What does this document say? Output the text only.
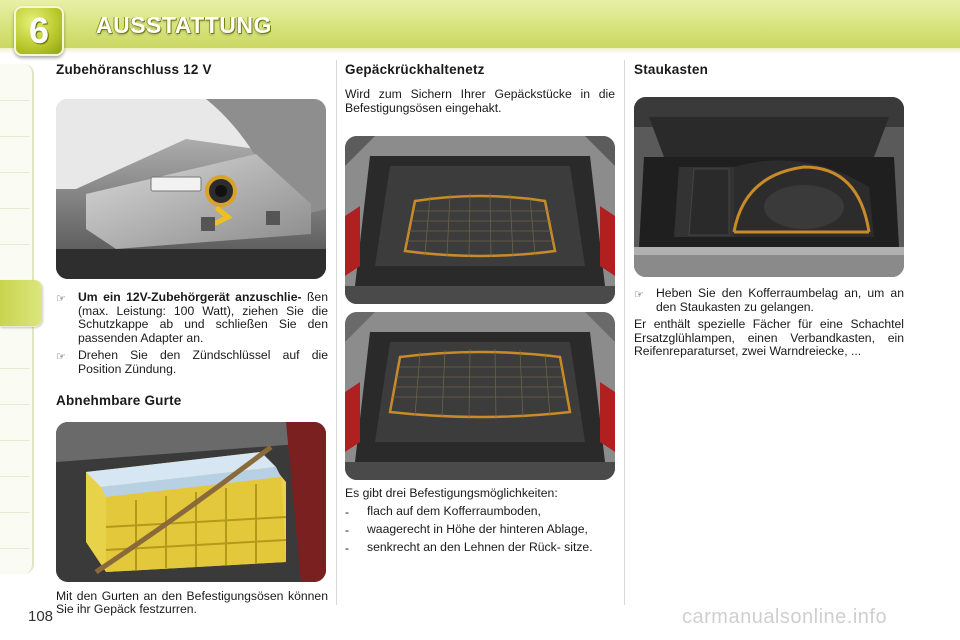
6	AUSSTATTUNG
Zubehöranschluss 12 V
☞ Um ein 12V-Zubehörgerät anzuschlie- ßen (max. Leistung: 100 Watt), ziehen Sie die Schutzkappe ab und schließen Sie den passenden Adapter an.
☞ Drehen Sie den Zündschlüssel auf die Position Zündung.
Abnehmbare Gurte

Mit den Gurten an den Befestigungsösen können Sie ihr Gepäck festzurren.

Gepäckrückhaltenetz

Wird zum Sichern Ihrer Gepäckstücke in die Befestigungsösen eingehakt.

Es gibt drei Befestigungsmöglichkeiten:

-	flach auf dem Kofferraumboden,
-	waagerecht in Höhe der hinteren Ablage,
-	senkrecht an den Lehnen der Rück- sitze.
Staukasten
☞ Heben Sie den Kofferraumbelag an, um an den Staukasten zu gelangen.

Er enthält spezielle Fächer für eine Schachtel Ersatzglühlampen, einen Verbandkasten, ein Reifenreparaturset, zwei Warndreiecke, ...

108	carmanualsonline.info
